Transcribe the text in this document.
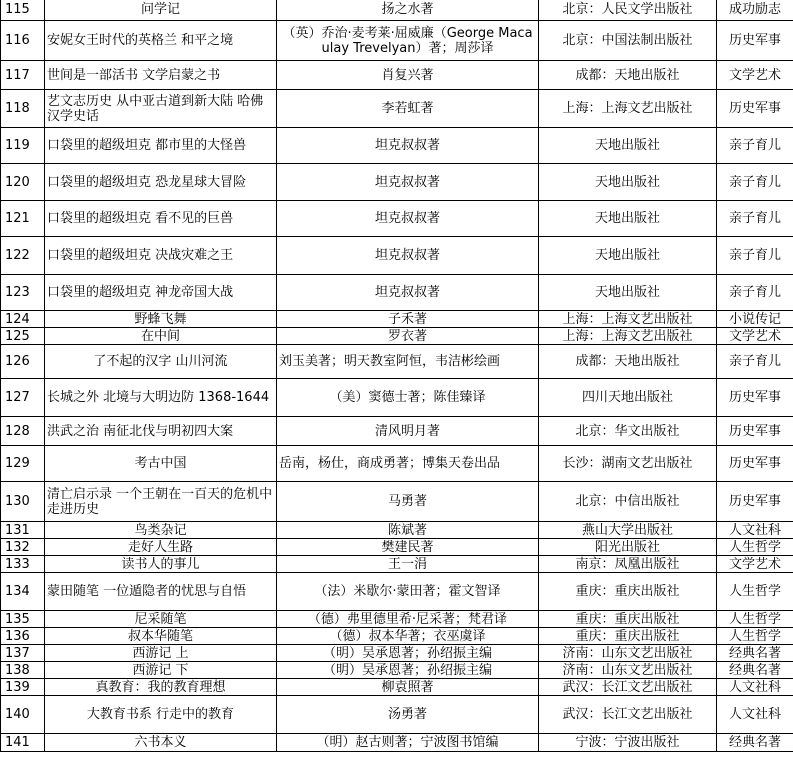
115	问学记	扬之水著	北京：人民文学出版社	成功励志
116	安妮女王时代的英格兰 和平之境	（英）乔治·麦考莱·屈威廉（George Macaulay Trevelyan）著；周莎译	北京：中国法制出版社	历史军事
117	世间是一部活书 文学启蒙之书	肖复兴著	成都：天地出版社	文学艺术
118	艺文志历史 从中亚古道到新大陆 哈佛汉学史话	李若虹著	上海：上海文艺出版社	历史军事
119	口袋里的超级坦克 都市里的大怪兽	坦克叔叔著	天地出版社	亲子育儿
120	口袋里的超级坦克 恐龙星球大冒险	坦克叔叔著	天地出版社	亲子育儿
121	口袋里的超级坦克 看不见的巨兽	坦克叔叔著	天地出版社	亲子育儿
122	口袋里的超级坦克 决战灾难之王	坦克叔叔著	天地出版社	亲子育儿
123	口袋里的超级坦克 神龙帝国大战	坦克叔叔著	天地出版社	亲子育儿
124	野蜂飞舞	子禾著	上海：上海文艺出版社	小说传记
125	在中间	罗衣著	上海：上海文艺出版社	文学艺术
126	了不起的汉字 山川河流	刘玉美著；明天教室阿恒，韦洁彬绘画	成都：天地出版社	亲子育儿
127	长城之外 北境与大明边防 1368-1644	（美）窦德士著；陈佳臻译	四川天地出版社	历史军事
128	洪武之治 南征北伐与明初四大案	清风明月著	北京：华文出版社	历史军事
129	考古中国	岳南，杨仕，商成勇著；博集天卷出品	长沙：湖南文艺出版社	历史军事
130	清亡启示录 一个王朝在一百天的危机中走进历史	马勇著	北京：中信出版社	历史军事
131	鸟类杂记	陈斌著	燕山大学出版社	人文社科
132	走好人生路	樊建民著	阳光出版社	人生哲学
133	读书人的事儿	王一涓	南京：凤凰出版社	文学艺术
134	蒙田随笔 一位遁隐者的忧思与自悟	（法）米歇尔·蒙田著；霍文智译	重庆：重庆出版社	人生哲学
135	尼采随笔	（德）弗里德里希·尼采著；梵君译	重庆：重庆出版社	人生哲学
136	叔本华随笔	（德）叔本华著；衣巫虞译	重庆：重庆出版社	人生哲学
137	西游记 上	（明）吴承恩著；孙绍振主编	济南：山东文艺出版社	经典名著
138	西游记 下	（明）吴承恩著；孙绍振主编	济南：山东文艺出版社	经典名著
139	真教育：我的教育理想	柳袁照著	武汉：长江文艺出版社	人文社科
140	大教育书系 行走中的教育	汤勇著	武汉：长江文艺出版社	人文社科
141	六书本义	（明）赵古则著；宁波图书馆编	宁波：宁波出版社	经典名著
